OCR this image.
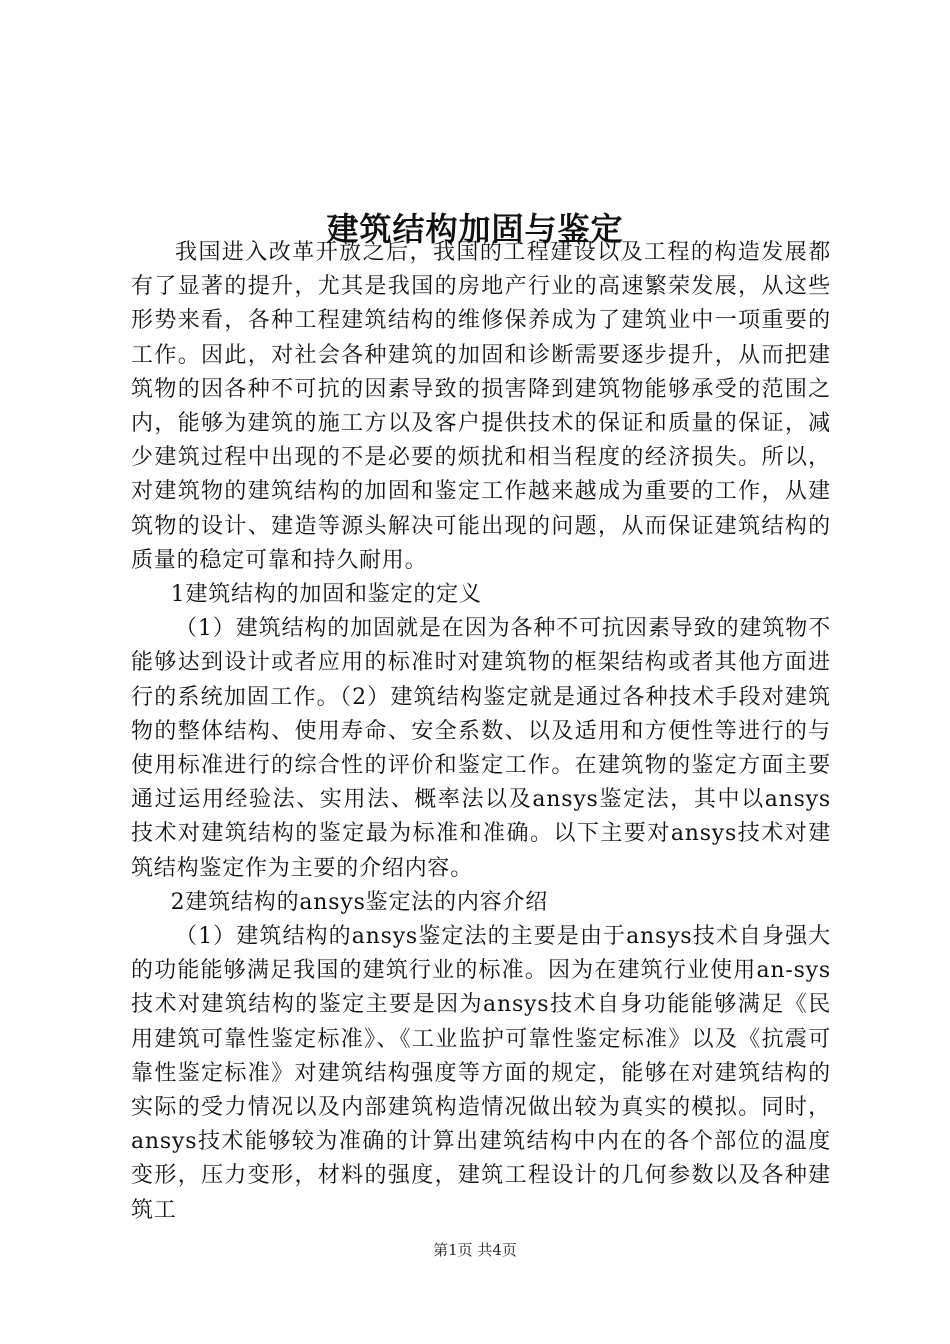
建筑结构加固与鉴定

我国进入改革开放之后，我国的工程建设以及工程的构造发展都有了显著的提升，尤其是我国的房地产行业的高速繁荣发展，从这些形势来看，各种工程建筑结构的维修保养成为了建筑业中一项重要的工作。因此，对社会各种建筑的加固和诊断需要逐步提升，从而把建筑物的因各种不可抗的因素导致的损害降到建筑物能够承受的范围之内，能够为建筑的施工方以及客户提供技术的保证和质量的保证，减少建筑过程中出现的不是必要的烦扰和相当程度的经济损失。所以，对建筑物的建筑结构的加固和鉴定工作越来越成为重要的工作，从建筑物的设计、建造等源头解决可能出现的问题，从而保证建筑结构的质量的稳定可靠和持久耐用。

1建筑结构的加固和鉴定的定义

（1）建筑结构的加固就是在因为各种不可抗因素导致的建筑物不能够达到设计或者应用的标准时对建筑物的框架结构或者其他方面进行的系统加固工作。（2）建筑结构鉴定就是通过各种技术手段对建筑物的整体结构、使用寿命、安全系数、以及适用和方便性等进行的与使用标准进行的综合性的评价和鉴定工作。在建筑物的鉴定方面主要通过运用经验法、实用法、概率法以及ansys鉴定法，其中以ansys技术对建筑结构的鉴定最为标准和准确。以下主要对ansys技术对建筑结构鉴定作为主要的介绍内容。

2建筑结构的ansys鉴定法的内容介绍

（1）建筑结构的ansys鉴定法的主要是由于ansys技术自身强大的功能能够满足我国的建筑行业的标准。因为在建筑行业使用an-sys技术对建筑结构的鉴定主要是因为ansys技术自身功能能够满足《民用建筑可靠性鉴定标准》、《工业监护可靠性鉴定标准》以及《抗震可靠性鉴定标准》对建筑结构强度等方面的规定，能够在对建筑结构的实际的受力情况以及内部建筑构造情况做出较为真实的模拟。同时，ansys技术能够较为准确的计算出建筑结构中内在的各个部位的温度变形，压力变形，材料的强度，建筑工程设计的几何参数以及各种建筑工

第1页 共4页
